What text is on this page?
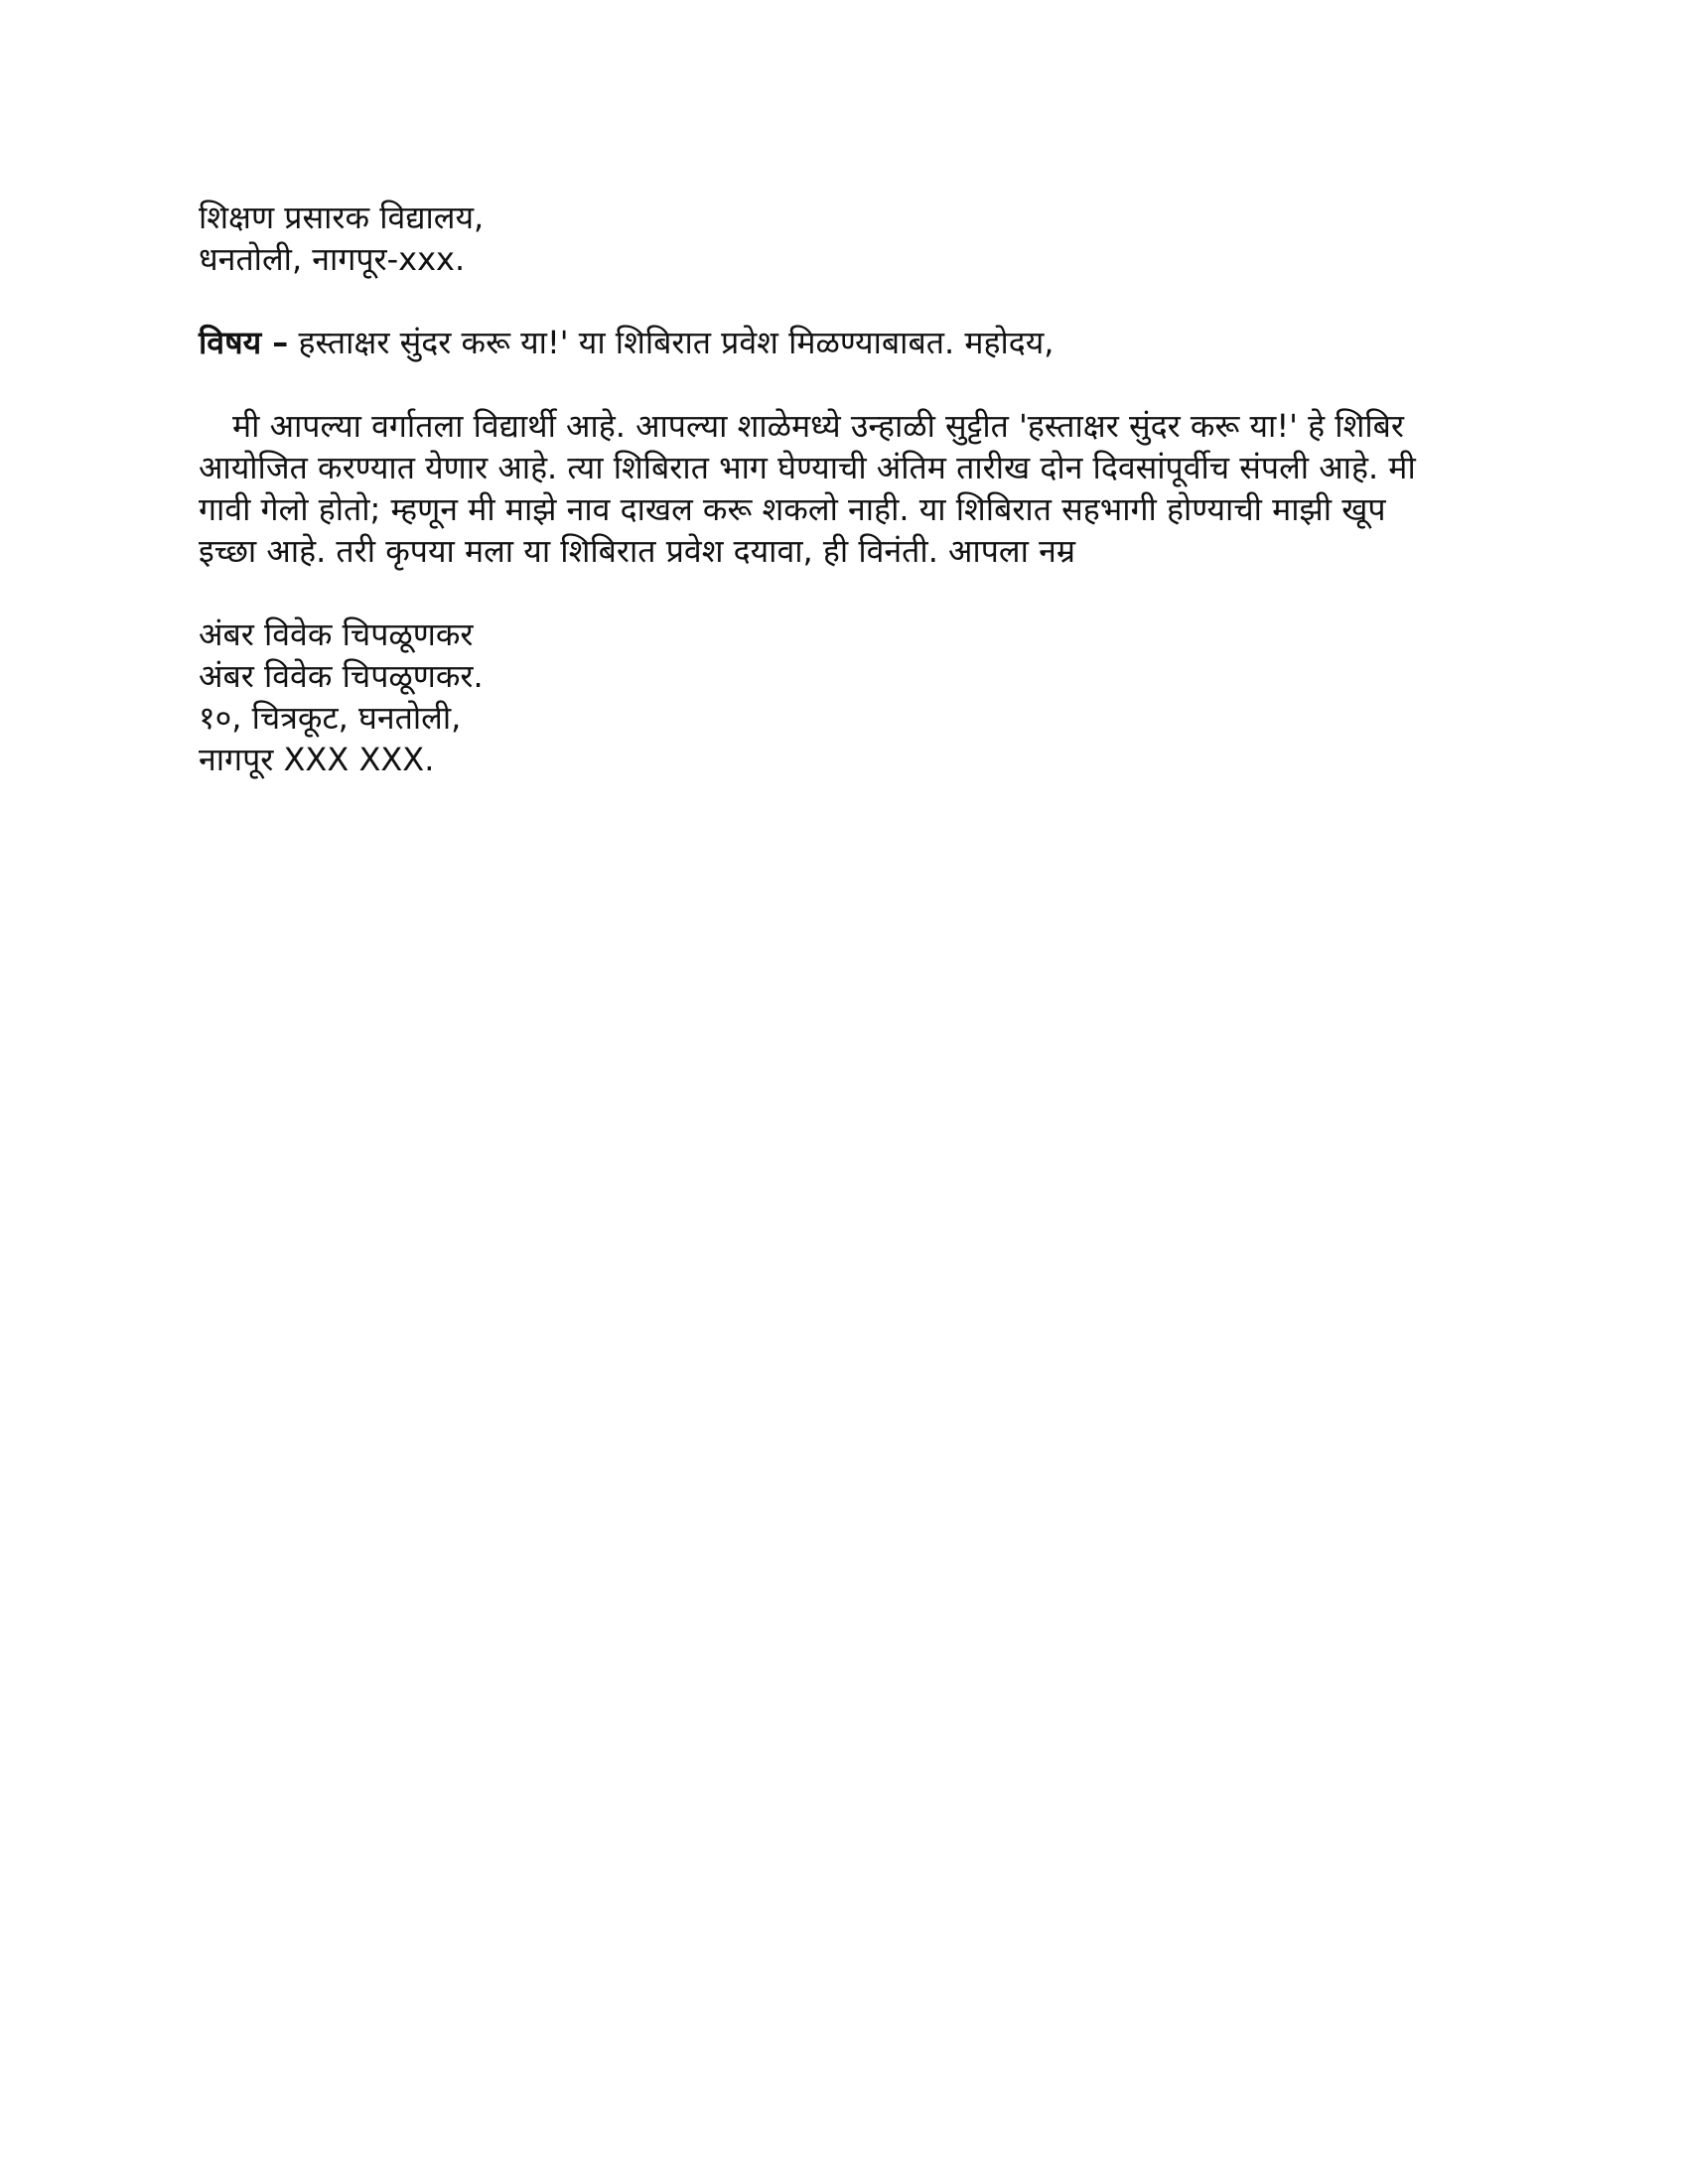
शिक्षण प्रसारक विद्यालय,

धनतोली, नागपूर-xxx.

विषय – हस्ताक्षर सुंदर करू या!' या शिबिरात प्रवेश मिळण्याबाबत. महोदय,

मी आपल्या वर्गातला विद्यार्थी आहे. आपल्या शाळेमध्ये उन्हाळी सुट्टीत 'हस्ताक्षर सुंदर करू या!' हे शिबिर आयोजित करण्यात येणार आहे. त्या शिबिरात भाग घेण्याची अंतिम तारीख दोन दिवसांपूर्वीच संपली आहे. मी गावी गेलो होतो; म्हणून मी माझे नाव दाखल करू शकलो नाही. या शिबिरात सहभागी होण्याची माझी खूप इच्छा आहे. तरी कृपया मला या शिबिरात प्रवेश दयावा, ही विनंती. आपला नम्र

अंबर विवेक चिपळूणकर

अंबर विवेक चिपळूणकर.

१०, चित्रकूट, घनतोली,

नागपूर XXX XXX.
